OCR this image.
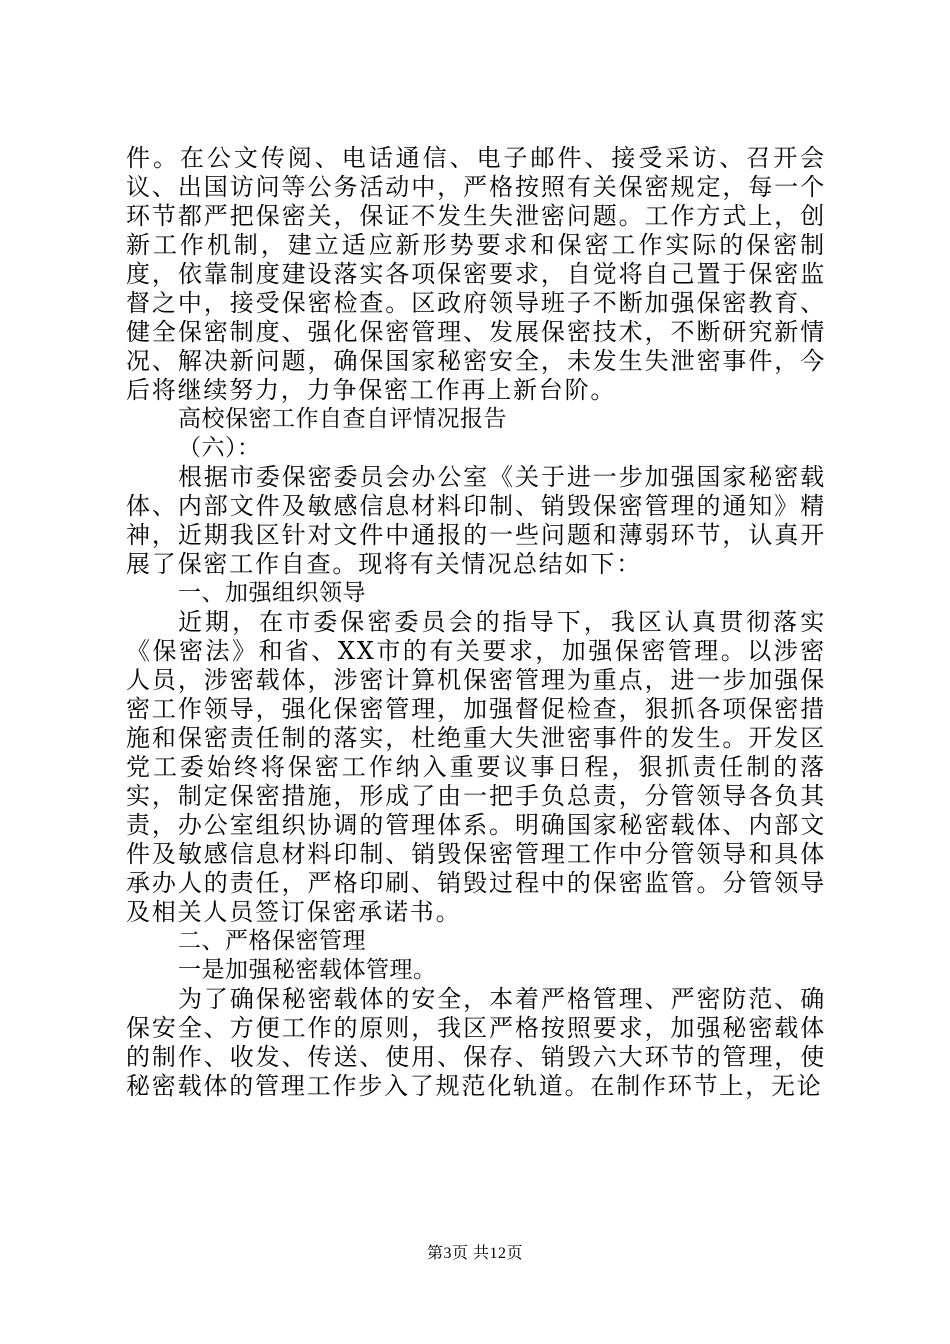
件。在公文传阅、电话通信、电子邮件、接受采访、召开会议、出国访问等公务活动中，严格按照有关保密规定，每一个环节都严把保密关，保证不发生失泄密问题。工作方式上，创新工作机制，建立适应新形势要求和保密工作实际的保密制度，依靠制度建设落实各项保密要求，自觉将自己置于保密监督之中，接受保密检查。区政府领导班子不断加强保密教育、健全保密制度、强化保密管理、发展保密技术，不断研究新情况、解决新问题，确保国家秘密安全，未发生失泄密事件，今后将继续努力，力争保密工作再上新台阶。

高校保密工作自查自评情况报告

（六）：

根据市委保密委员会办公室《关于进一步加强国家秘密载体、内部文件及敏感信息材料印制、销毁保密管理的通知》精神，近期我区针对文件中通报的一些问题和薄弱环节，认真开展了保密工作自查。现将有关情况总结如下：

一、加强组织领导

近期，在市委保密委员会的指导下，我区认真贯彻落实《保密法》和省、XX市的有关要求，加强保密管理。以涉密人员，涉密载体，涉密计算机保密管理为重点，进一步加强保密工作领导，强化保密管理，加强督促检查，狠抓各项保密措施和保密责任制的落实，杜绝重大失泄密事件的发生。开发区党工委始终将保密工作纳入重要议事日程，狠抓责任制的落实，制定保密措施，形成了由一把手负总责，分管领导各负其责，办公室组织协调的管理体系。明确国家秘密载体、内部文件及敏感信息材料印制、销毁保密管理工作中分管领导和具体承办人的责任，严格印刷、销毁过程中的保密监管。分管领导及相关人员签订保密承诺书。

二、严格保密管理

一是加强秘密载体管理。

为了确保秘密载体的安全，本着严格管理、严密防范、确保安全、方便工作的原则，我区严格按照要求，加强秘密载体的制作、收发、传送、使用、保存、销毁六大环节的管理，使秘密载体的管理工作步入了规范化轨道。在制作环节上，无论

第3页 共12页
